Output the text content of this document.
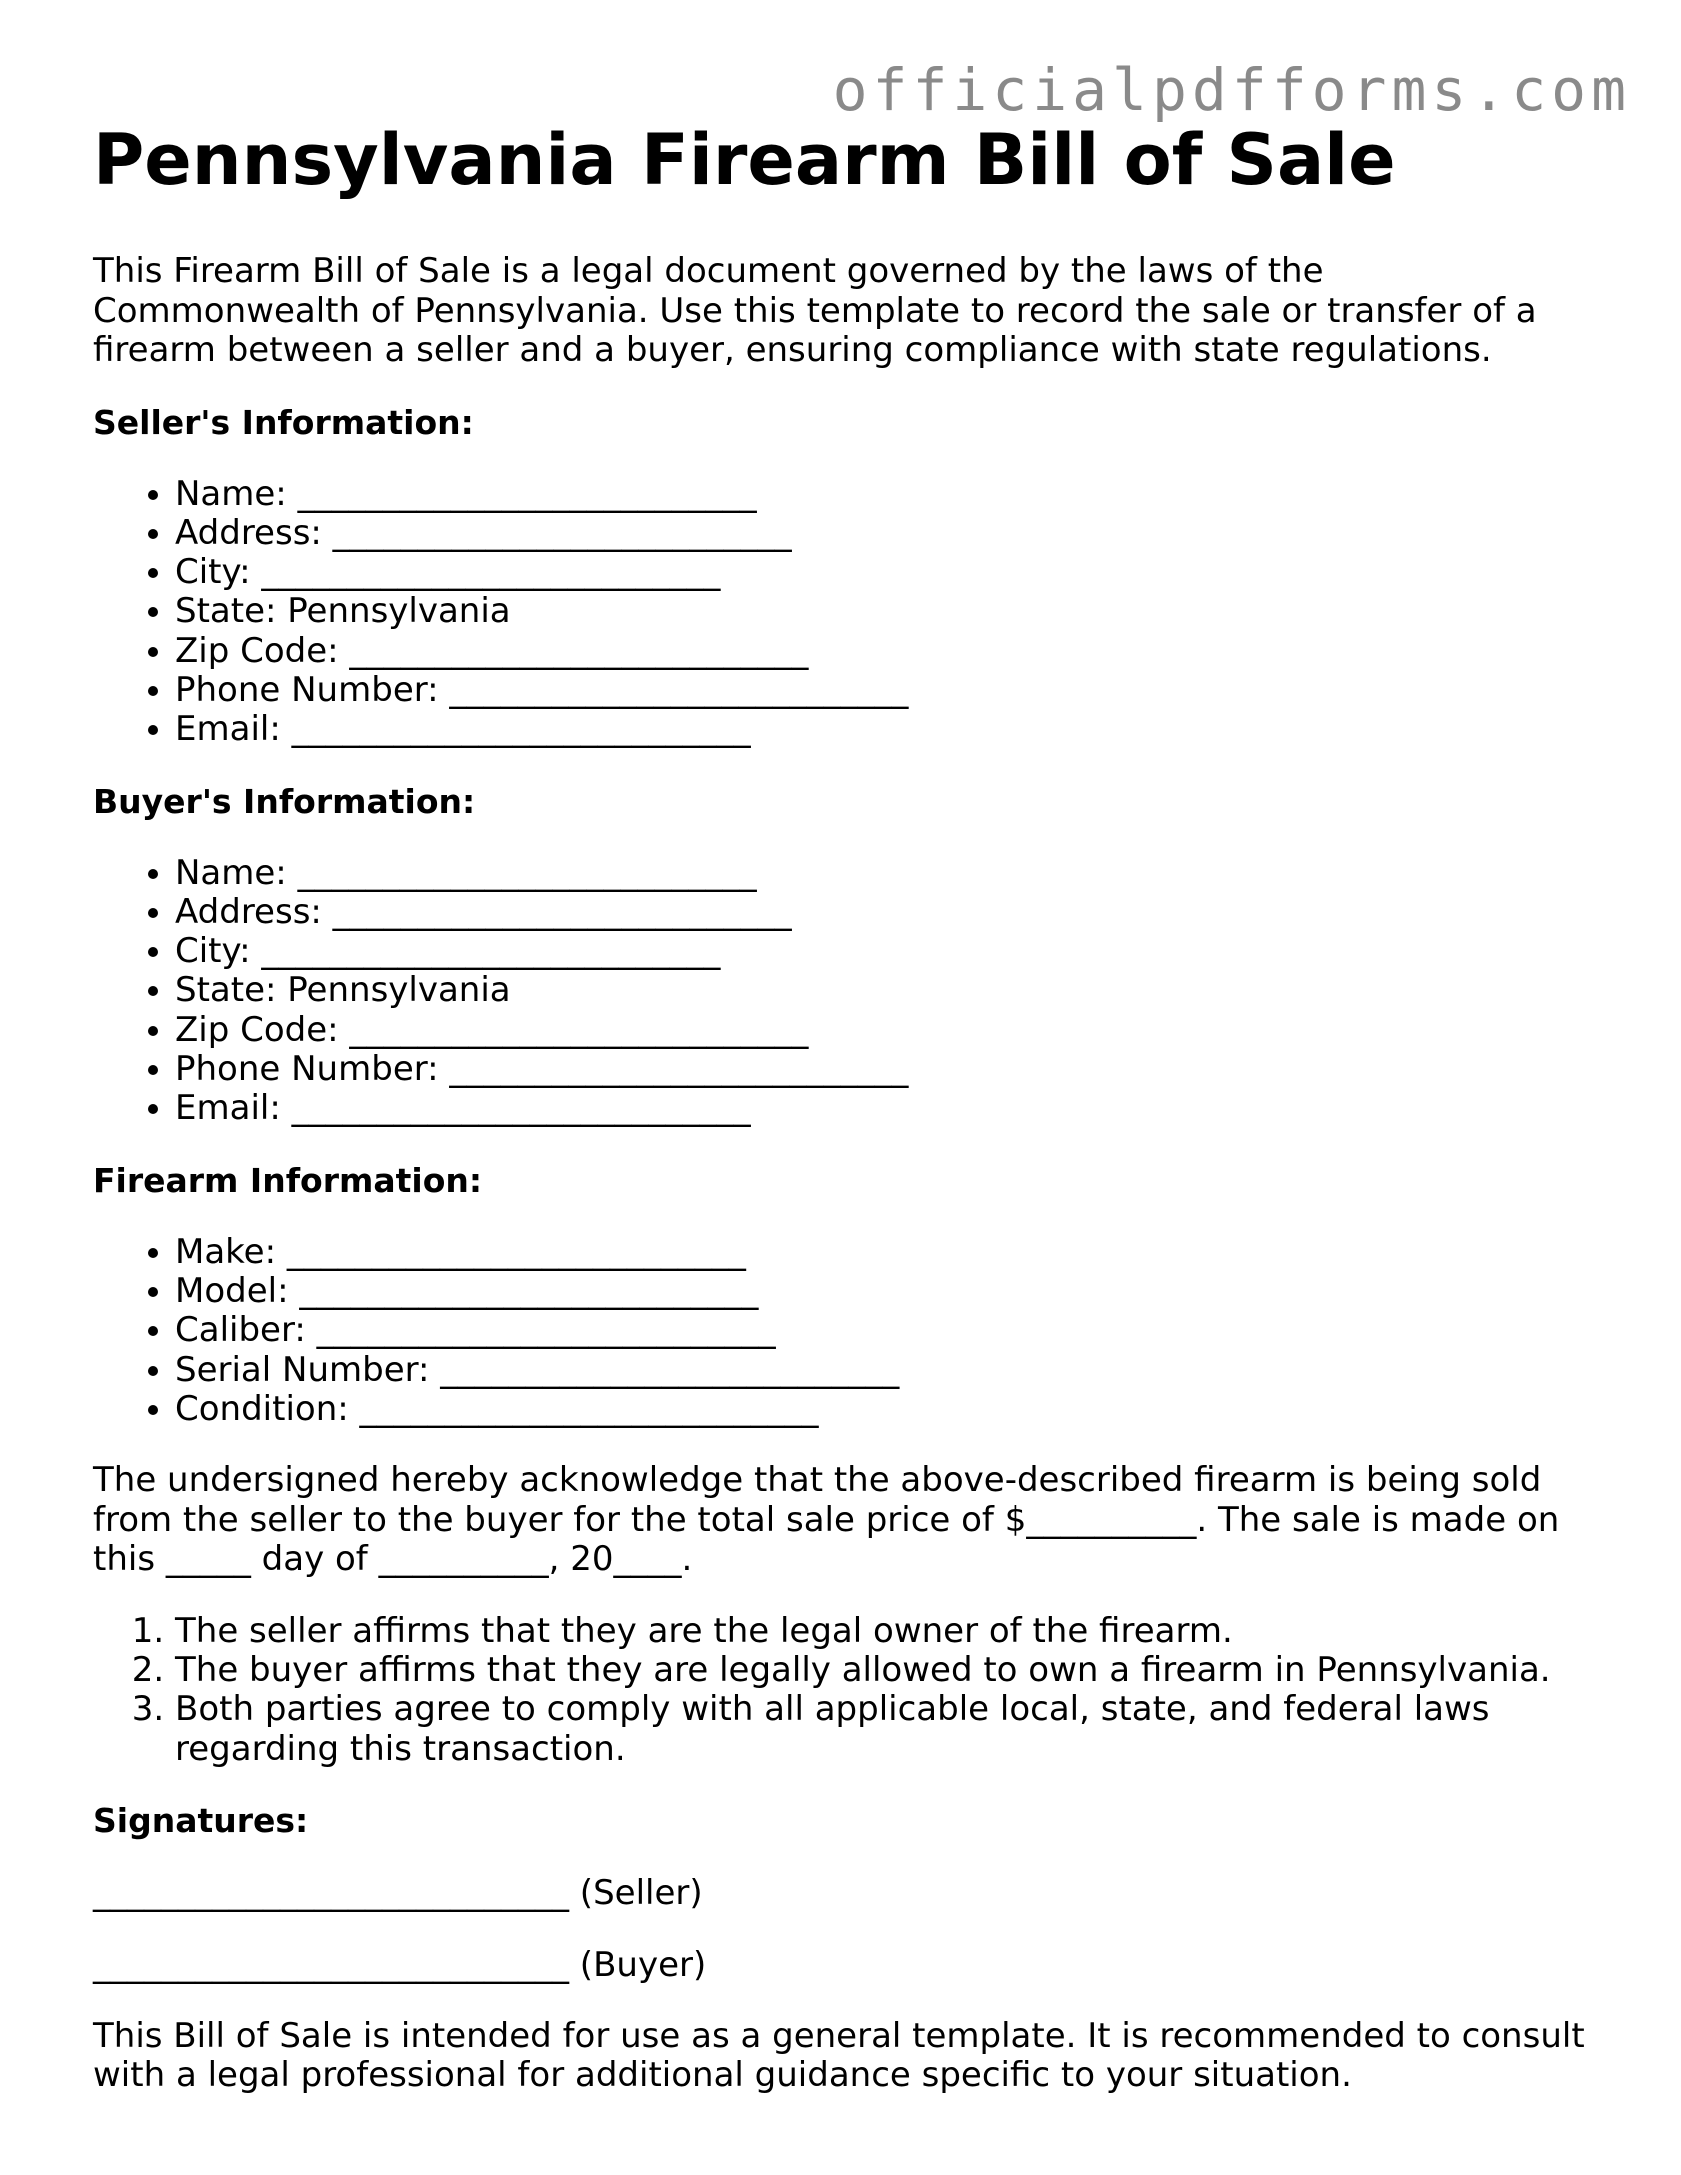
officialpdfforms.com
Pennsylvania Firearm Bill of Sale

This Firearm Bill of Sale is a legal document governed by the laws of the Commonwealth of Pennsylvania. Use this template to record the sale or transfer of a firearm between a seller and a buyer, ensuring compliance with state regulations.

Seller's Information:
• Name: ___________________________
• Address: ___________________________
• City: ___________________________
• State: Pennsylvania
• Zip Code: ___________________________
• Phone Number: ___________________________
• Email: ___________________________
Buyer's Information:
• Name: ___________________________
• Address: ___________________________
• City: ___________________________
• State: Pennsylvania
• Zip Code: ___________________________
• Phone Number: ___________________________
• Email: ___________________________
Firearm Information:
• Make: ___________________________
• Model: ___________________________
• Caliber: ___________________________
• Serial Number: ___________________________
• Condition: ___________________________

The undersigned hereby acknowledge that the above-described firearm is being sold from the seller to the buyer for the total sale price of $__________. The sale is made on this _____ day of __________, 20____.

1. The seller affirms that they are the legal owner of the firearm.
2. The buyer affirms that they are legally allowed to own a firearm in Pennsylvania.
3. Both parties agree to comply with all applicable local, state, and federal laws regarding this transaction.
Signatures:
____________________________ (Seller)
____________________________ (Buyer)

This Bill of Sale is intended for use as a general template. It is recommended to consult with a legal professional for additional guidance specific to your situation.
